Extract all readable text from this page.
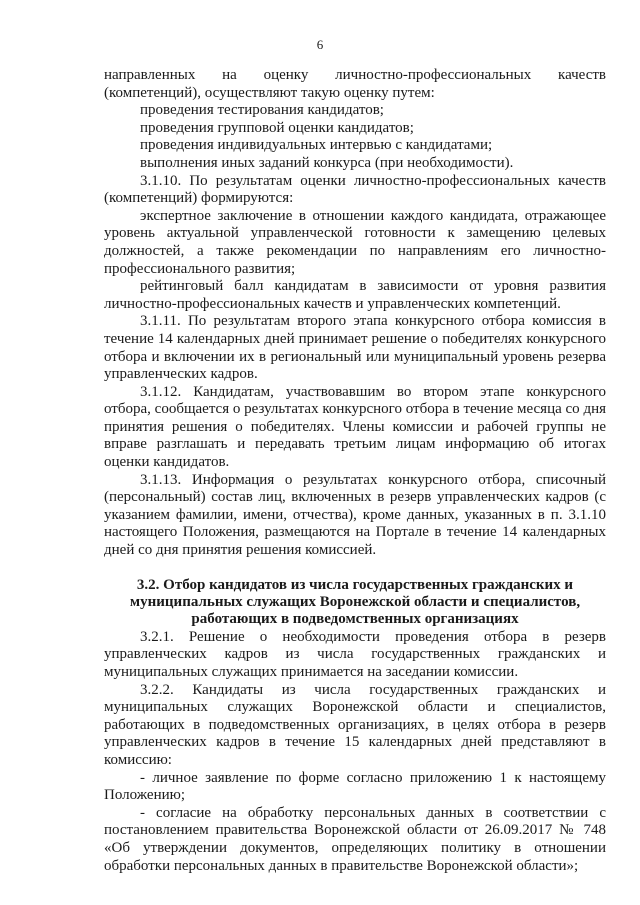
6

направленных на оценку личностно-профессиональных качеств (компетенций), осуществляют такую оценку путем:

проведения тестирования кандидатов;

проведения групповой оценки кандидатов;

проведения индивидуальных интервью с кандидатами;

выполнения иных заданий конкурса (при необходимости).

3.1.10. По результатам оценки личностно-профессиональных качеств (компетенций) формируются:

экспертное заключение в отношении каждого кандидата, отражающее уровень актуальной управленческой готовности к замещению целевых должностей, а также рекомендации по направлениям его личностно-профессионального развития;

рейтинговый балл кандидатам в зависимости от уровня развития личностно-профессиональных качеств и управленческих компетенций.

3.1.11. По результатам второго этапа конкурсного отбора комиссия в течение 14 календарных дней принимает решение о победителях конкурсного отбора и включении их в региональный или муниципальный уровень резерва управленческих кадров.

3.1.12. Кандидатам, участвовавшим во втором этапе конкурсного отбора, сообщается о результатах конкурсного отбора в течение месяца со дня принятия решения о победителях. Члены комиссии и рабочей группы не вправе разглашать и передавать третьим лицам информацию об итогах оценки кандидатов.

3.1.13. Информация о результатах конкурсного отбора, списочный (персональный) состав лиц, включенных в резерв управленческих кадров (с указанием фамилии, имени, отчества), кроме данных, указанных в п. 3.1.10 настоящего Положения, размещаются на Портале в течение 14 календарных дней со дня принятия решения комиссией.

3.2. Отбор кандидатов из числа государственных гражданских и
муниципальных служащих Воронежской области и специалистов,
работающих в подведомственных организациях

3.2.1. Решение о необходимости проведения отбора в резерв управленческих кадров из числа государственных гражданских и муниципальных служащих принимается на заседании комиссии.

3.2.2. Кандидаты из числа государственных гражданских и муниципальных служащих Воронежской области и специалистов, работающих в подведомственных организациях, в целях отбора в резерв управленческих кадров в течение 15 календарных дней представляют в комиссию:

- личное заявление по форме согласно приложению 1 к настоящему Положению;

- согласие на обработку персональных данных в соответствии с постановлением правительства Воронежской области от 26.09.2017 № 748 «Об утверждении документов, определяющих политику в отношении обработки персональных данных в правительстве Воронежской области»;
